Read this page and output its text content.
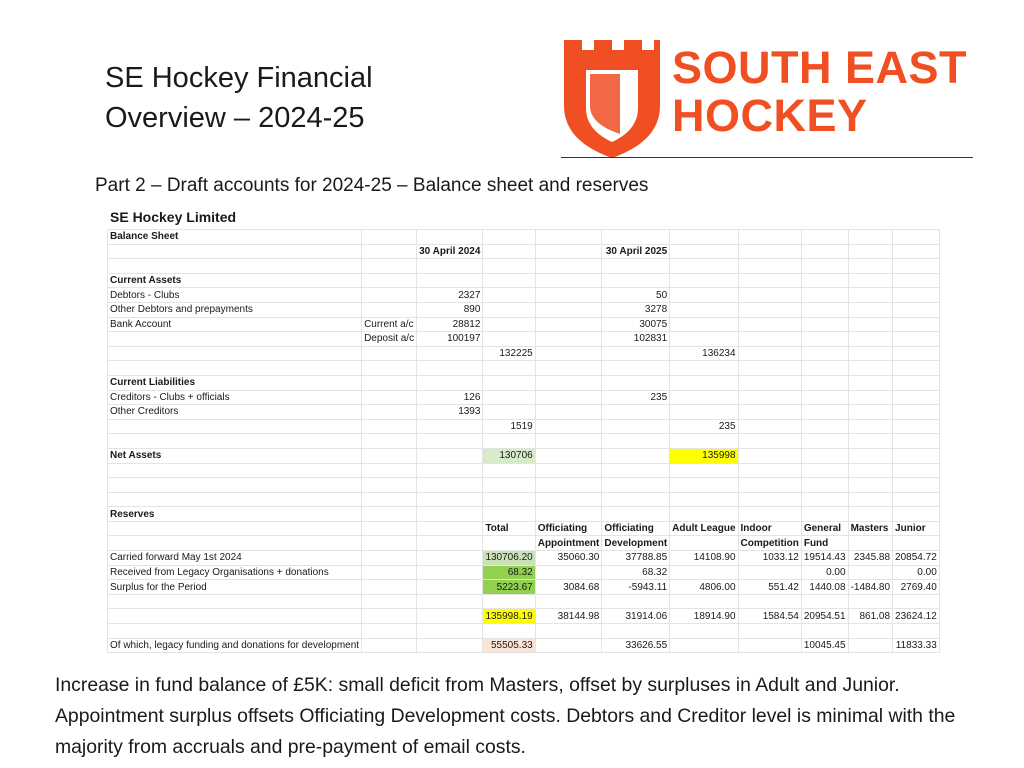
SE Hockey Financial
Overview – 2024-25
SOUTH EAST
HOCKEY
Part 2 – Draft accounts for 2024-25 – Balance sheet and reserves
SE Hockey Limited
Balance Sheet										
		30 April 2024			30 April 2025					

Current Assets										
Debtors - Clubs		2327			50					
Other Debtors and prepayments		890			3278					
Bank Account	Current a/c	28812			30075					
	Deposit a/c	100197			102831					
			132225			136234				

Current Liabilities										
Creditors - Clubs + officials		126			235					
Other Creditors		1393								
			1519			235				

Net Assets			130706			135998				

Reserves										
			Total	Officiating	Officiating	Adult League	Indoor	General	Masters	Junior
				Appointment	Development		Competition	Fund		
Carried forward May 1st 2024			130706.20	35060.30	37788.85	14108.90	1033.12	19514.43	2345.88	20854.72
Received from Legacy Organisations + donations			68.32		68.32			0.00		0.00
Surplus for the Period			5223.67	3084.68	-5943.11	4806.00	551.42	1440.08	-1484.80	2769.40

			135998.19	38144.98	31914.06	18914.90	1584.54	20954.51	861.08	23624.12

Of which, legacy funding and donations for development			55505.33		33626.55			10045.45		11833.33
Increase in fund balance of £5K: small deficit from Masters, offset by surpluses in Adult and Junior. Appointment surplus offsets Officiating Development costs. Debtors and Creditor level is minimal with the majority from accruals and pre-payment of email costs.
